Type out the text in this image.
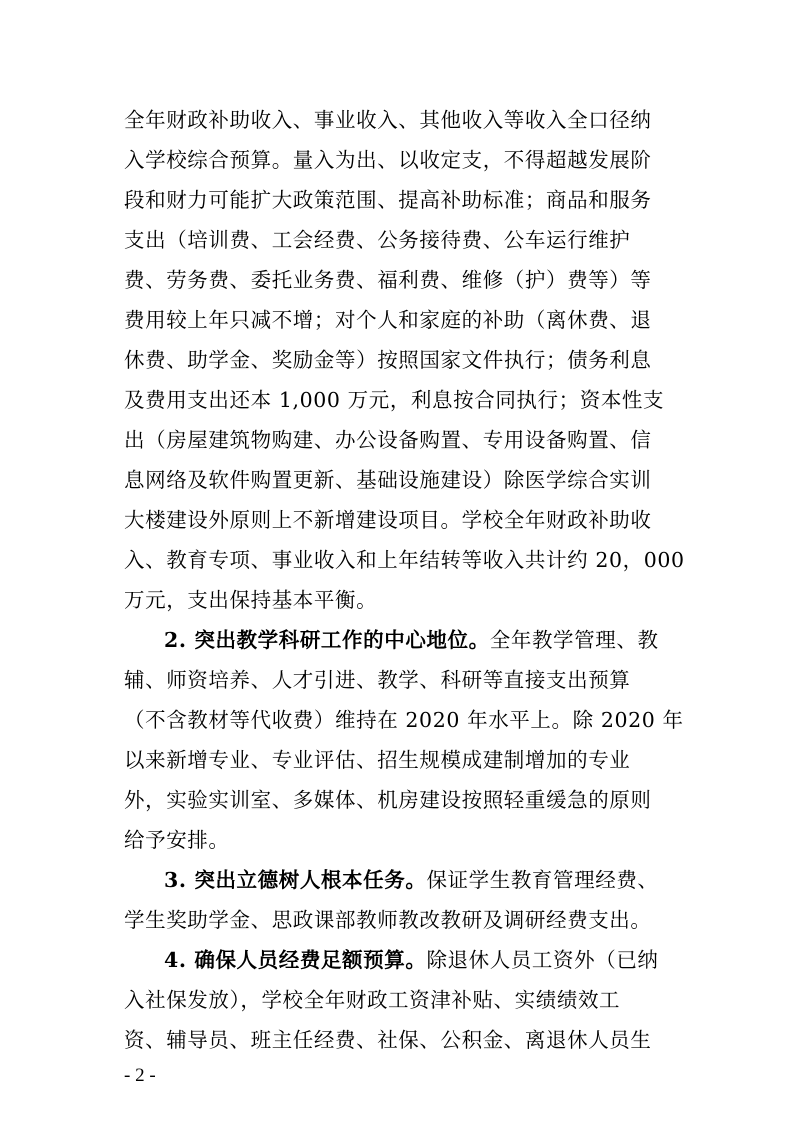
全年财政补助收入、事业收入、其他收入等收入全口径纳
入学校综合预算。量入为出、以收定支，不得超越发展阶
段和财力可能扩大政策范围、提高补助标准；商品和服务
支出（培训费、工会经费、公务接待费、公车运行维护
费、劳务费、委托业务费、福利费、维修（护）费等）等
费用较上年只减不增；对个人和家庭的补助（离休费、退
休费、助学金、奖励金等）按照国家文件执行；债务利息
及费用支出还本 1,000 万元，利息按合同执行；资本性支
出（房屋建筑物购建、办公设备购置、专用设备购置、信
息网络及软件购置更新、基础设施建设）除医学综合实训
大楼建设外原则上不新增建设项目。学校全年财政补助收
入、教育专项、事业收入和上年结转等收入共计约 20，000
万元，支出保持基本平衡。
2. 突出教学科研工作的中心地位。全年教学管理、教
辅、师资培养、人才引进、教学、科研等直接支出预算
（不含教材等代收费）维持在 2020 年水平上。除 2020 年
以来新增专业、专业评估、招生规模成建制增加的专业
外，实验实训室、多媒体、机房建设按照轻重缓急的原则
给予安排。
3. 突出立德树人根本任务。保证学生教育管理经费、
学生奖助学金、思政课部教师教改教研及调研经费支出。
4. 确保人员经费足额预算。除退休人员工资外（已纳
入社保发放），学校全年财政工资津补贴、实绩绩效工
资、辅导员、班主任经费、社保、公积金、离退休人员生
- 2 -
